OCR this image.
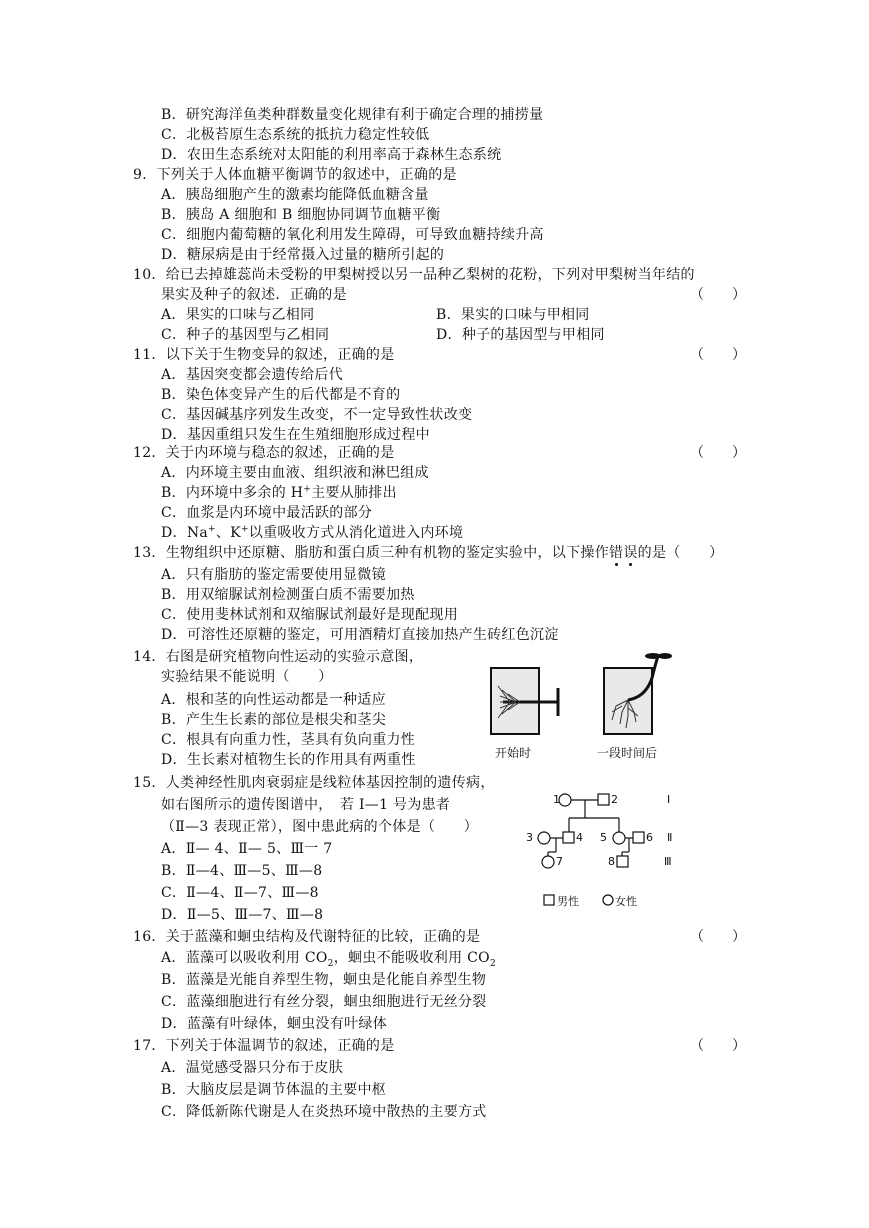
B．研究海洋鱼类种群数量变化规律有利于确定合理的捕捞量
C．北极苔原生态系统的抵抗力稳定性较低
D．农田生态系统对太阳能的利用率高于森林生态系统
9．下列关于人体血糖平衡调节的叙述中，正确的是
A．胰岛细胞产生的激素均能降低血糖含量
B．胰岛 A 细胞和 B 细胞协同调节血糖平衡
C．细胞内葡萄糖的氧化利用发生障碍，可导致血糖持续升高
D．糖尿病是由于经常摄入过量的糖所引起的
10．给已去掉雄蕊尚未受粉的甲梨树授以另一品种乙梨树的花粉，下列对甲梨树当年结的
果实及种子的叙述．正确的是	（　　）
A．果实的口味与乙相同	B．果实的口味与甲相同
C．种子的基因型与乙相同	D．种子的基因型与甲相同
11．以下关于生物变异的叙述，正确的是	（　　）
A．基因突变都会遗传给后代
B．染色体变异产生的后代都是不育的
C．基因碱基序列发生改变，不一定导致性状改变
D．基因重组只发生在生殖细胞形成过程中
12．关于内环境与稳态的叙述，正确的是	（　　）
A．内环境主要由血液、组织液和淋巴组成
B．内环境中多余的 H+主要从肺排出
C．血浆是内环境中最活跃的部分
D．Na+、K+以重吸收方式从消化道进入内环境
13．生物组织中还原糖、脂肪和蛋白质三种有机物的鉴定实验中，以下操作错误的是（　　）
A．只有脂肪的鉴定需要使用显微镜
B．用双缩脲试剂检测蛋白质不需要加热
C．使用斐林试剂和双缩脲试剂最好是现配现用
D．可溶性还原糖的鉴定，可用酒精灯直接加热产生砖红色沉淀
14．右图是研究植物向性运动的实验示意图，
实验结果不能说明（　　）
A．根和茎的向性运动都是一种适应
B．产生生长素的部位是根尖和茎尖
C．根具有向重力性，茎具有负向重力性
D．生长素对植物生长的作用具有两重性	开始时	一段时间后
15．人类神经性肌肉衰弱症是线粒体基因控制的遗传病，
如右图所示的遗传图谱中，　若 Ⅰ—1 号为患者
（Ⅱ—3 表现正常），图中患此病的个体是（　　）
A．Ⅱ— 4、Ⅱ— 5、Ⅲ一 7
B．Ⅱ—4、Ⅲ—5、Ⅲ—8
C．Ⅱ—4、Ⅱ—7、Ⅲ—8
D．Ⅱ—5、Ⅲ—7、Ⅲ—8
1	2
3	4 5	6
7	8
Ⅰ
Ⅱ
Ⅲ
男性	女性
16．关于蓝藻和蛔虫结构及代谢特征的比较，正确的是	（　　）
A．蓝藻可以吸收利用 $CO_2$，蛔虫不能吸收利用 $CO_2$
B．蓝藻是光能自养型生物，蛔虫是化能自养型生物
C．蓝藻细胞进行有丝分裂，蛔虫细胞进行无丝分裂
D．蓝藻有叶绿体，蛔虫没有叶绿体
17．下列关于体温调节的叙述，正确的是	（　　）
A．温觉感受器只分布于皮肤
B．大脑皮层是调节体温的主要中枢
C．降低新陈代谢是人在炎热环境中散热的主要方式
